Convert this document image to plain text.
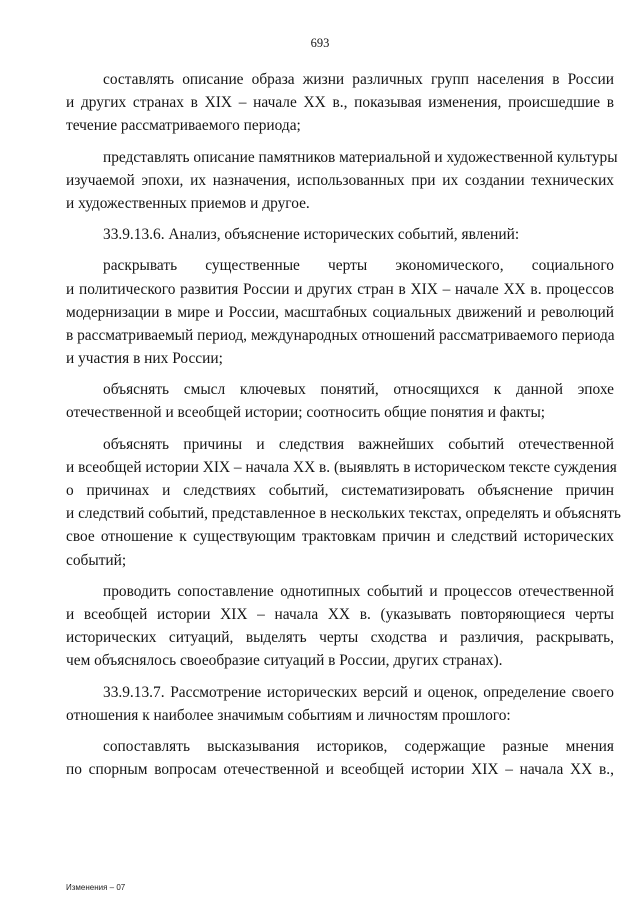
693
составлять описание образа жизни различных групп населения в России
и других странах в XIX – начале XX в., показывая изменения, происшедшие в
течение рассматриваемого периода;
представлять описание памятников материальной и художественной культуры
изучаемой эпохи, их назначения, использованных при их создании технических
и художественных приемов и другое.
33.9.13.6. Анализ, объяснение исторических событий, явлений:
раскрывать существенные черты экономического, социального
и политического развития России и других стран в XIX – начале XX в. процессов
модернизации в мире и России, масштабных социальных движений и революций
в рассматриваемый период, международных отношений рассматриваемого периода
и участия в них России;
объяснять смысл ключевых понятий, относящихся к данной эпохе
отечественной и всеобщей истории; соотносить общие понятия и факты;
объяснять причины и следствия важнейших событий отечественной
и всеобщей истории XIX – начала XX в. (выявлять в историческом тексте суждения
о причинах и следствиях событий, систематизировать объяснение причин
и следствий событий, представленное в нескольких текстах, определять и объяснять
свое отношение к существующим трактовкам причин и следствий исторических
событий;
проводить сопоставление однотипных событий и процессов отечественной
и всеобщей истории XIX – начала XX в. (указывать повторяющиеся черты
исторических ситуаций, выделять черты сходства и различия, раскрывать,
чем объяснялось своеобразие ситуаций в России, других странах).
33.9.13.7. Рассмотрение исторических версий и оценок, определение своего
отношения к наиболее значимым событиям и личностям прошлого:
сопоставлять высказывания историков, содержащие разные мнения
по спорным вопросам отечественной и всеобщей истории XIX – начала XX в.,
Изменения – 07
